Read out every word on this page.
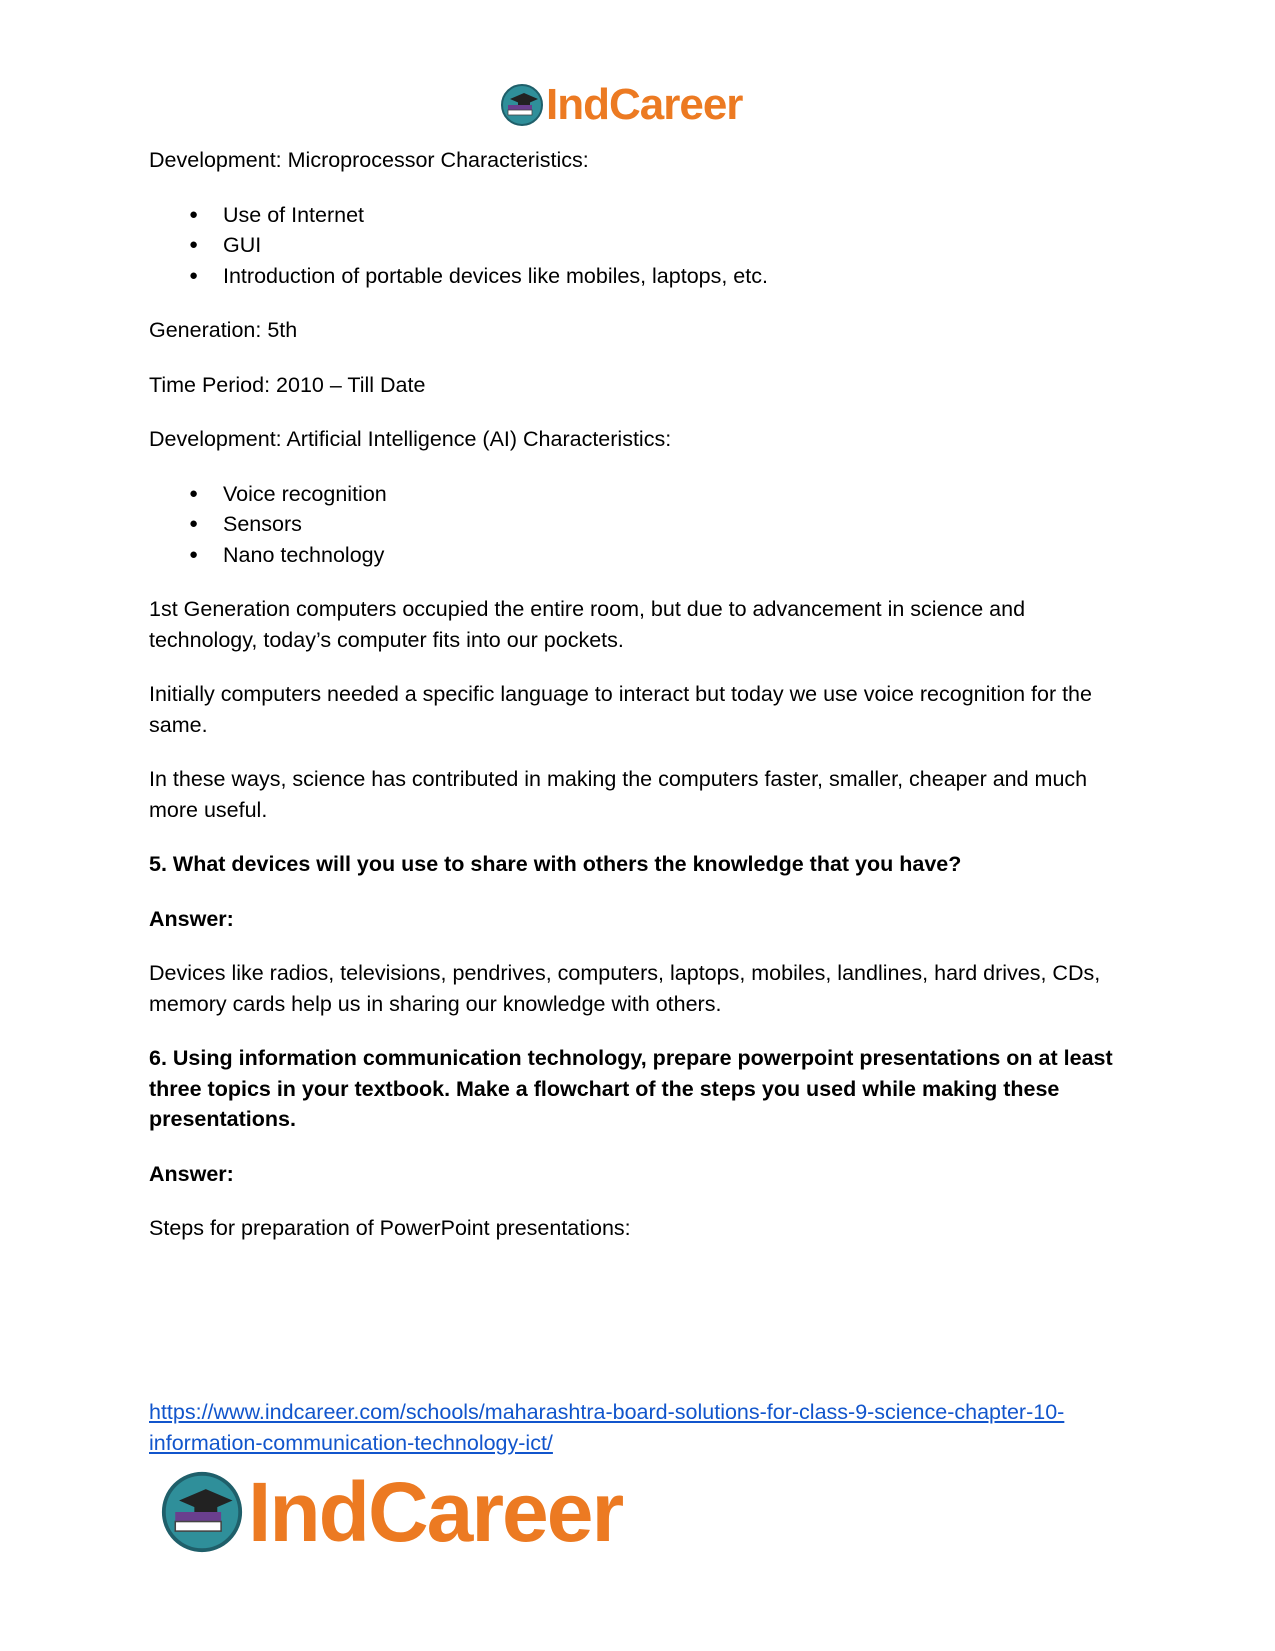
IndCareer

Development: Microprocessor Characteristics:

● Use of Internet
● GUI
● Introduction of portable devices like mobiles, laptops, etc.

Generation: 5th

Time Period: 2010 – Till Date

Development: Artificial Intelligence (AI) Characteristics:

● Voice recognition
● Sensors
● Nano technology

1st Generation computers occupied the entire room, but due to advancement in science and technology, today’s computer fits into our pockets.

Initially computers needed a specific language to interact but today we use voice recognition for the same.

In these ways, science has contributed in making the computers faster, smaller, cheaper and much more useful.

5. What devices will you use to share with others the knowledge that you have?

Answer:

Devices like radios, televisions, pendrives, computers, laptops, mobiles, landlines, hard drives, CDs, memory cards help us in sharing our knowledge with others.

6. Using information communication technology, prepare powerpoint presentations on at least three topics in your textbook. Make a flowchart of the steps you used while making these presentations.

Answer:

Steps for preparation of PowerPoint presentations:

https://www.indcareer.com/schools/maharashtra-board-solutions-for-class-9-science-chapter-10-information-communication-technology-ict/
IndCareer
